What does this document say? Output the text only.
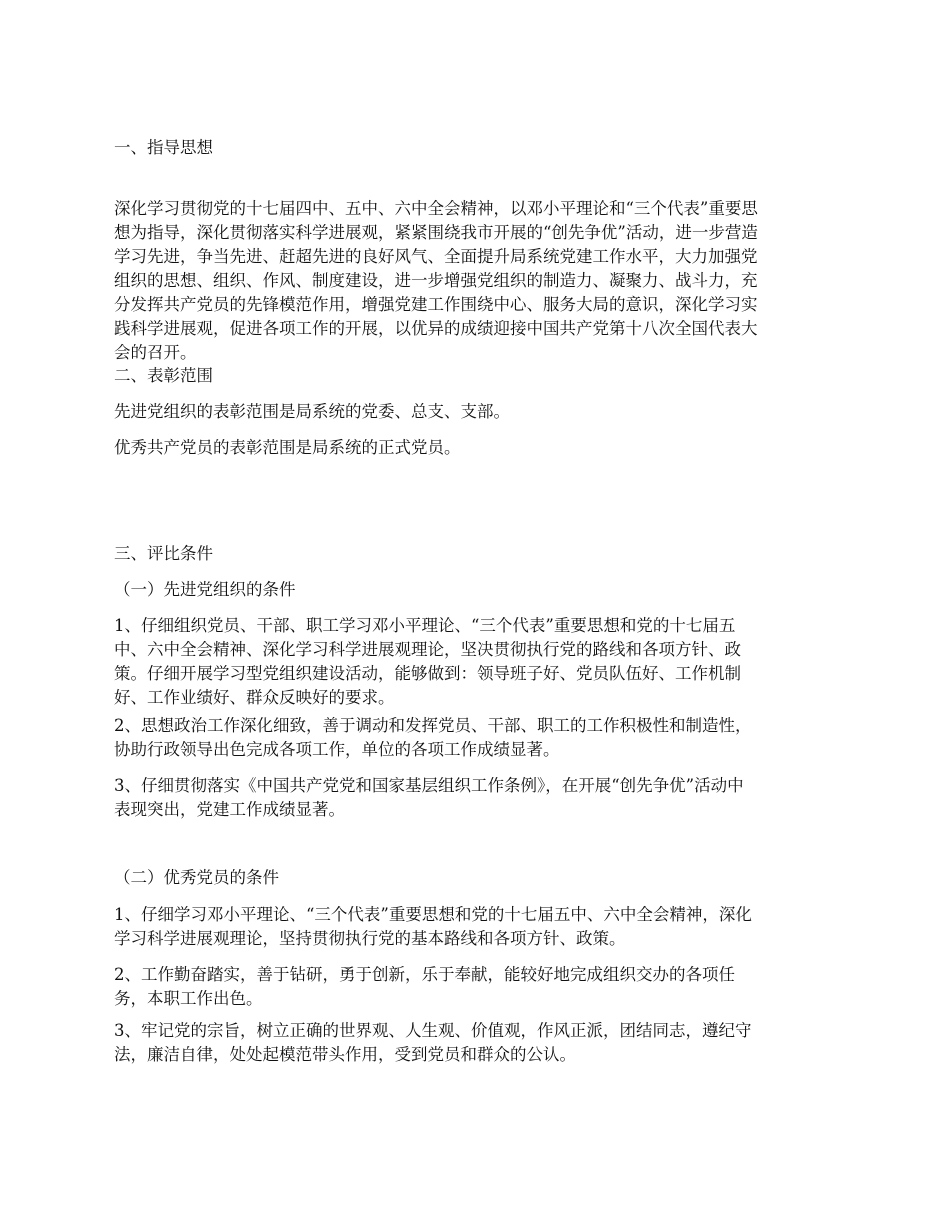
一、指导思想

深化学习贯彻党的十七届四中、五中、六中全会精神，以邓小平理论和“三个代表”重要思
想为指导，深化贯彻落实科学进展观，紧紧围绕我市开展的“创先争优”活动，进一步营造
学习先进，争当先进、赶超先进的良好风气、全面提升局系统党建工作水平，大力加强党
组织的思想、组织、作风、制度建设，进一步增强党组织的制造力、凝聚力、战斗力，充
分发挥共产党员的先锋模范作用，增强党建工作围绕中心、服务大局的意识，深化学习实
践科学进展观，促进各项工作的开展，以优异的成绩迎接中国共产党第十八次全国代表大
会的召开。

二、表彰范围

先进党组织的表彰范围是局系统的党委、总支、支部。

优秀共产党员的表彰范围是局系统的正式党员。

三、评比条件

（一）先进党组织的条件

1、仔细组织党员、干部、职工学习邓小平理论、“三个代表”重要思想和党的十七届五
中、六中全会精神、深化学习科学进展观理论，坚决贯彻执行党的路线和各项方针、政
策。仔细开展学习型党组织建设活动，能够做到：领导班子好、党员队伍好、工作机制
好、工作业绩好、群众反映好的要求。

2、思想政治工作深化细致，善于调动和发挥党员、干部、职工的工作积极性和制造性，
协助行政领导出色完成各项工作，单位的各项工作成绩显著。

3、仔细贯彻落实《中国共产党党和国家基层组织工作条例》，在开展“创先争优”活动中
表现突出，党建工作成绩显著。

（二）优秀党员的条件

1、仔细学习邓小平理论、“三个代表”重要思想和党的十七届五中、六中全会精神，深化
学习科学进展观理论，坚持贯彻执行党的基本路线和各项方针、政策。

2、工作勤奋踏实，善于钻研，勇于创新，乐于奉献，能较好地完成组织交办的各项任
务，本职工作出色。

3、牢记党的宗旨，树立正确的世界观、人生观、价值观，作风正派，团结同志，遵纪守
法，廉洁自律，处处起模范带头作用，受到党员和群众的公认。
